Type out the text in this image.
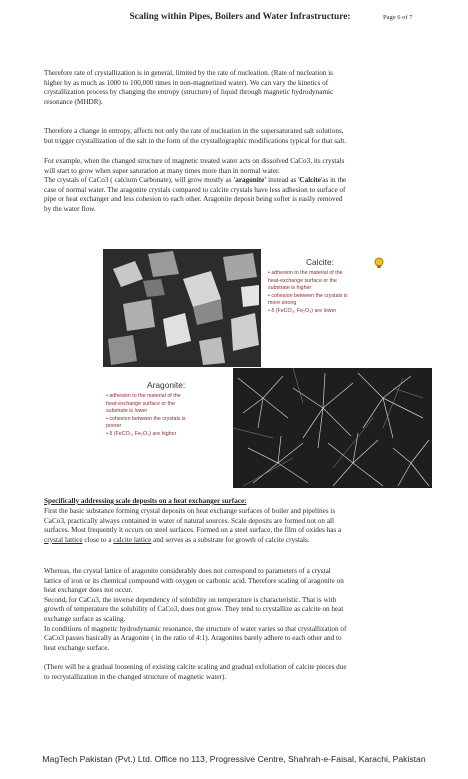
Scaling within Pipes, Boilers and Water Infrastructure:	Page 6 of 7
Therefore rate of crystallization is in general, limited by the rate of nucleation. (Rate of nucleation is
higher by as much as 1000 to 100,000 times in non-magnetized water). We can vary the kinetics of
crystallization process by changing the entropy (structure) of liquid through magnetic hydrodynamic
resonance (MHDR).
Therefore a change in entropy, affects not only the rate of nucleation in the supersaturated salt solutions,
but trigger crystallization of the salt in the form of the crystallographic modifications typical for that salt.
For example, when the changed structure of magnetic treated water acts on dissolved CaCo3, its crystals
will start to grow when super saturation at many times more than in normal water.
The crystals of CaCo3 ( calcium Carbonate), will grow mostly as 'aragonite' instead as 'Calcite'as in the
case of normal water. The aragonite crystals compared to calcite crystals have less adhesion to surface of
pipe or heat exchanger and less cohesion to each other. Aragonite deposit being softer is easily removed
by the water flow.
Calcite:
• adhesion to the material of the
heat-exchange surface or the
substrate is higher
• cohesion between the crystals is
more strong
• δ (FeCO₃, Fe₂O₃) are lower
Aragonite:
• adhesion to the material of the
heat-exchange surface or the
substrate is lower
• cohesion between the crystals is
poorer
• δ (FeCO₃, Fe₂O₃) are higher
Specifically addressing scale deposits on a heat exchanger surface:
First the basic substance forming crystal deposits on heat exchange surfaces of boiler and pipelines is
CaCo3, practically always contained in water of natural sources. Scale deposits are formed not on all
surfaces. Most frequently it occurs on steel surfaces. Formed on a steel surface, the film of oxides has a
crystal lattice close to a calcite lattice and serves as a substrate for growth of calcite crystals.
Whereas, the crystal lattice of aragonite considerably does not correspond to parameters of a crystal
lattice of iron or its chemical compound with oxygen or carbonic acid. Therefore scaling of aragonite on
heat exchanger does not occur.
Second, for CaCo3, the inverse dependency of solubility on temperature is characteristic. That is with
growth of temperature the solubility of CaCo3, does not grow. They tend to crystallize as calcite on heat
exchange surface as scaling.
In conditions of magnetic hydrodynamic resonance, the structure of water varies so that crystallization of
CaCo3 passes basically as Aragonite ( in the ratio of 4:1). Aragonites barely adhere to each other and to
heat exchange surface.
(There will be a gradual loosening of existing calcite scaling and gradual exfoliation of calcite pieces due
to recrystallization in the changed structure of magnetic water).
MagTech Pakistan (Pvt.) Ltd. Office no 113, Progressive Centre, Shahrah-e-Faisal, Karachi, Pakistan
